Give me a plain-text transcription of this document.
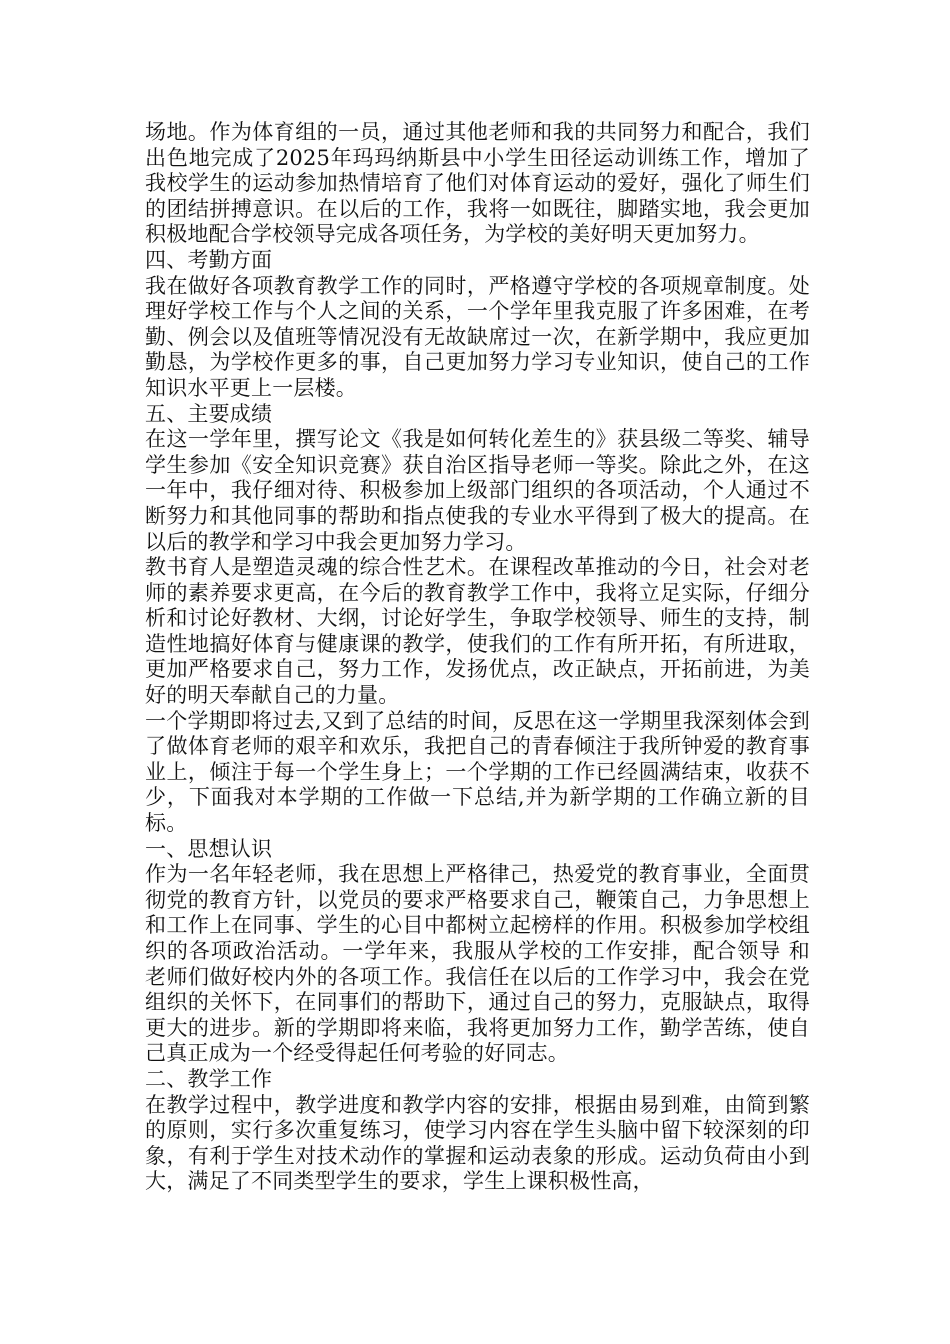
场地。作为体育组的一员，通过其他老师和我的共同努力和配合，我们出色地完成了2025年玛玛纳斯县中小学生田径运动训练工作，增加了我校学生的运动参加热情培育了他们对体育运动的爱好，强化了师生们的团结拼搏意识。在以后的工作，我将一如既往，脚踏实地，我会更加积极地配合学校领导完成各项任务，为学校的美好明天更加努力。

四、考勤方面

我在做好各项教育教学工作的同时，严格遵守学校的各项规章制度。处理好学校工作与个人之间的关系，一个学年里我克服了许多困难，在考勤、例会以及值班等情况没有无故缺席过一次，在新学期中，我应更加勤恳，为学校作更多的事，自己更加努力学习专业知识，使自己的工作知识水平更上一层楼。

五、主要成绩

在这一学年里，撰写论文《我是如何转化差生的》获县级二等奖、辅导学生参加《安全知识竞赛》获自治区指导老师一等奖。除此之外，在这一年中，我仔细对待、积极参加上级部门组织的各项活动，个人通过不断努力和其他同事的帮助和指点使我的专业水平得到了极大的提高。在以后的教学和学习中我会更加努力学习。

教书育人是塑造灵魂的综合性艺术。在课程改革推动的今日，社会对老师的素养要求更高，在今后的教育教学工作中，我将立足实际，仔细分析和讨论好教材、大纲，讨论好学生，争取学校领导、师生的支持，制造性地搞好体育与健康课的教学，使我们的工作有所开拓，有所进取，更加严格要求自己，努力工作，发扬优点，改正缺点，开拓前进，为美好的明天奉献自己的力量。

一个学期即将过去,又到了总结的时间，反思在这一学期里我深刻体会到了做体育老师的艰辛和欢乐，我把自己的青春倾注于我所钟爱的教育事业上，倾注于每一个学生身上；一个学期的工作已经圆满结束，收获不少，下面我对本学期的工作做一下总结,并为新学期的工作确立新的目标。

一、思想认识

作为一名年轻老师，我在思想上严格律己，热爱党的教育事业，全面贯彻党的教育方针，以党员的要求严格要求自己，鞭策自己，力争思想上和工作上在同事、学生的心目中都树立起榜样的作用。积极参加学校组织的各项政治活动。一学年来，我服从学校的工作安排，配合领导 和 老师们做好校内外的各项工作。我信任在以后的工作学习中，我会在党组织的关怀下，在同事们的帮助下，通过自己的努力，克服缺点，取得更大的进步。新的学期即将来临，我将更加努力工作，勤学苦练，使自己真正成为一个经受得起任何考验的好同志。

二、教学工作

在教学过程中，教学进度和教学内容的安排，根据由易到难，由简到繁的原则，实行多次重复练习，使学习内容在学生头脑中留下较深刻的印象，有利于学生对技术动作的掌握和运动表象的形成。运动负荷由小到大，满足了不同类型学生的要求，学生上课积极性高，
